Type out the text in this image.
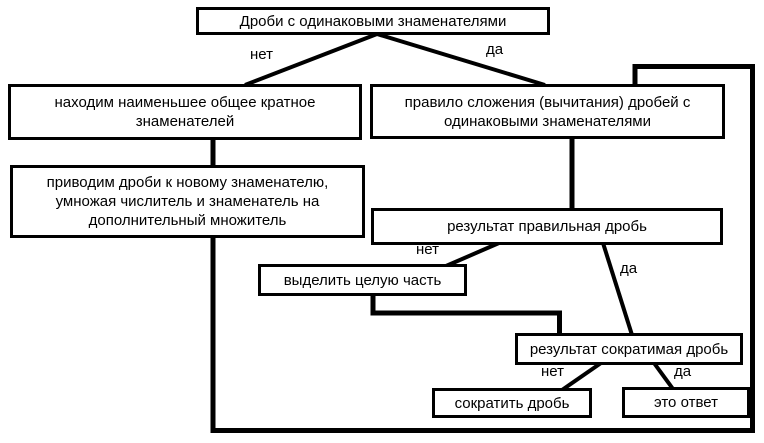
Дроби с одинаковыми знаменателями
находим наименьшее общее кратное знаменателей
правило сложения (вычитания) дробей с одинаковыми знаменателями
приводим дроби к новому знаменателю, умножая числитель и знаменатель на дополнительный множитель	результат правильная дробь
выделить целую часть
результат сократимая дробь
сократить дробь	это ответ
нет	да
нет
да
нет	да
